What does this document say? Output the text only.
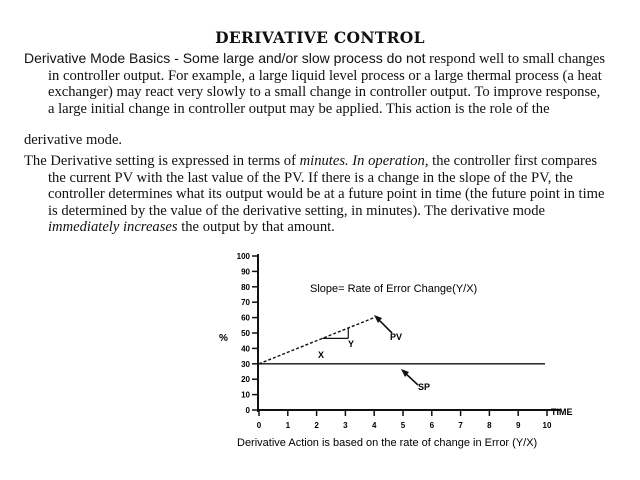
DERIVATIVE CONTROL

Derivative Mode Basics - Some large and/or slow process do not respond well to small changes in controller output. For example, a large liquid level process or a large thermal process (a heat exchanger) may react very slowly to a small change in controller output. To improve response, a large initial change in controller output may be applied. This action is the role of the

derivative mode.

The Derivative setting is expressed in terms of minutes. In operation, the controller first compares the current PV with the last value of the PV. If there is a change in the slope of the PV, the controller determines what its output would be at a future point in time (the future point in time is determined by the value of the derivative setting, in minutes). The derivative mode immediately increases the output by that amount.

100
90
80
70
60
50
40
30
20
10
0
0	1	2	3	4	5	6	7	8	9	10
Slope= Rate of Error Change(Y/X)
%
TIME
PV
SP
X
Y
Derivative Action is based on the rate of change in Error (Y/X)
